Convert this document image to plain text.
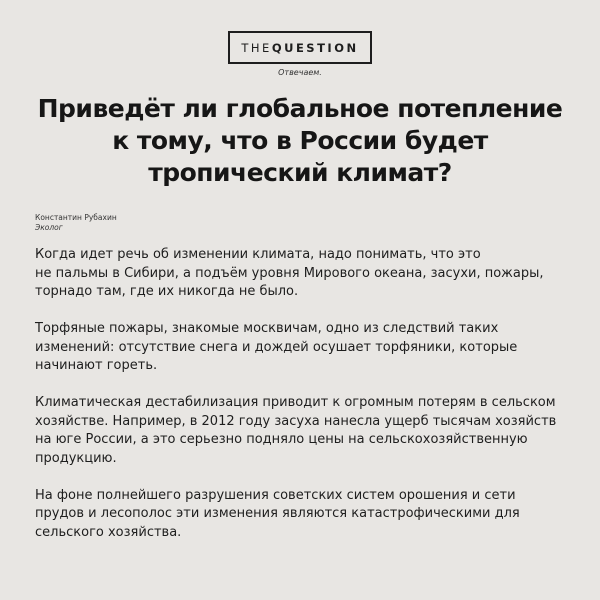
THE QUESTION
Отвечаем.
Приведёт ли глобальное потепление
к тому, что в России будет
тропический климат?
Константин Рубахин
Эколог

Когда идет речь об изменении климата, надо понимать, что это
не пальмы в Сибири, а подъём уровня Мирового океана, засухи, пожары,
торнадо там, где их никогда не было.

Торфяные пожары, знакомые москвичам, одно из следствий таких
изменений: отсутствие снега и дождей осушает торфяники, которые
начинают гореть.

Климатическая дестабилизация приводит к огромным потерям в сельском
хозяйстве. Например, в 2012 году засуха нанесла ущерб тысячам хозяйств
на юге России, а это серьезно подняло цены на сельскохозяйственную
продукцию.

На фоне полнейшего разрушения советских систем орошения и сети
прудов и лесополос эти изменения являются катастрофическими для
сельского хозяйства.
